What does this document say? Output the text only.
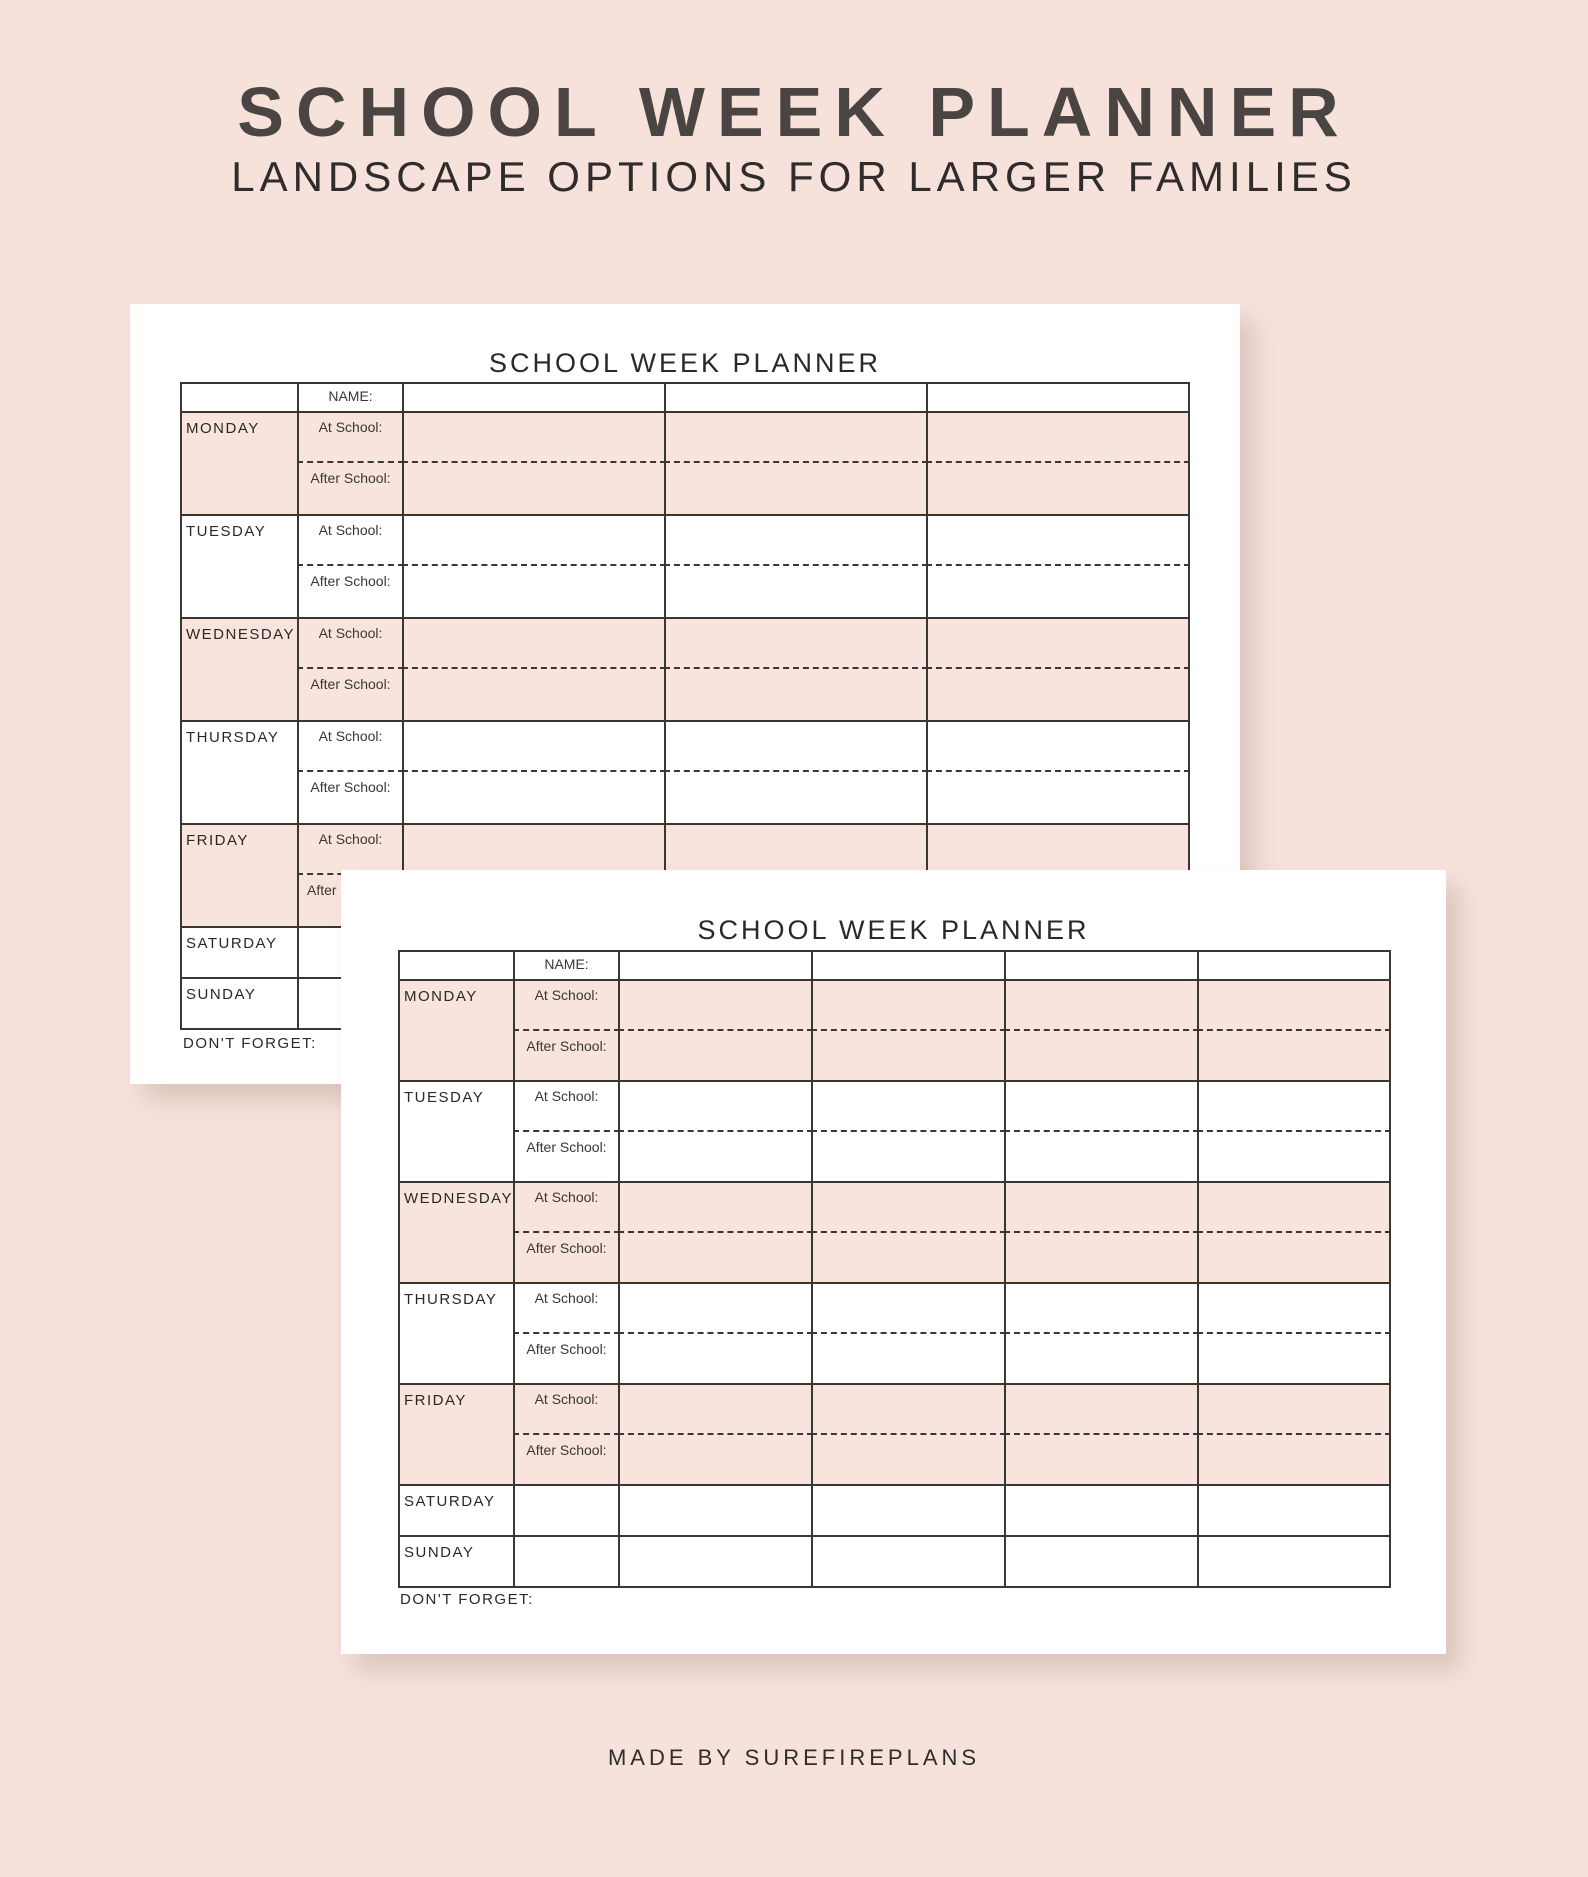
SCHOOL WEEK PLANNER
LANDSCAPE OPTIONS FOR LARGER FAMILIES
SCHOOL WEEK PLANNER

	NAME:			

MONDAY	At School:
After School:			

TUESDAY	At School:
After School:			

WEDNESDAY	At School:
After School:			

THURSDAY	At School:
After School:			

FRIDAY	At School:
After			

SATURDAY				

SUNDAY				

DON'T FORGET:
SCHOOL WEEK PLANNER

	NAME:				

MONDAY	At School:
After School:				

TUESDAY	At School:
After School:				

WEDNESDAY	At School:
After School:				

THURSDAY	At School:
After School:				

FRIDAY	At School:
After School:				

SATURDAY					

SUNDAY					

DON'T FORGET:
MADE BY SUREFIREPLANS
